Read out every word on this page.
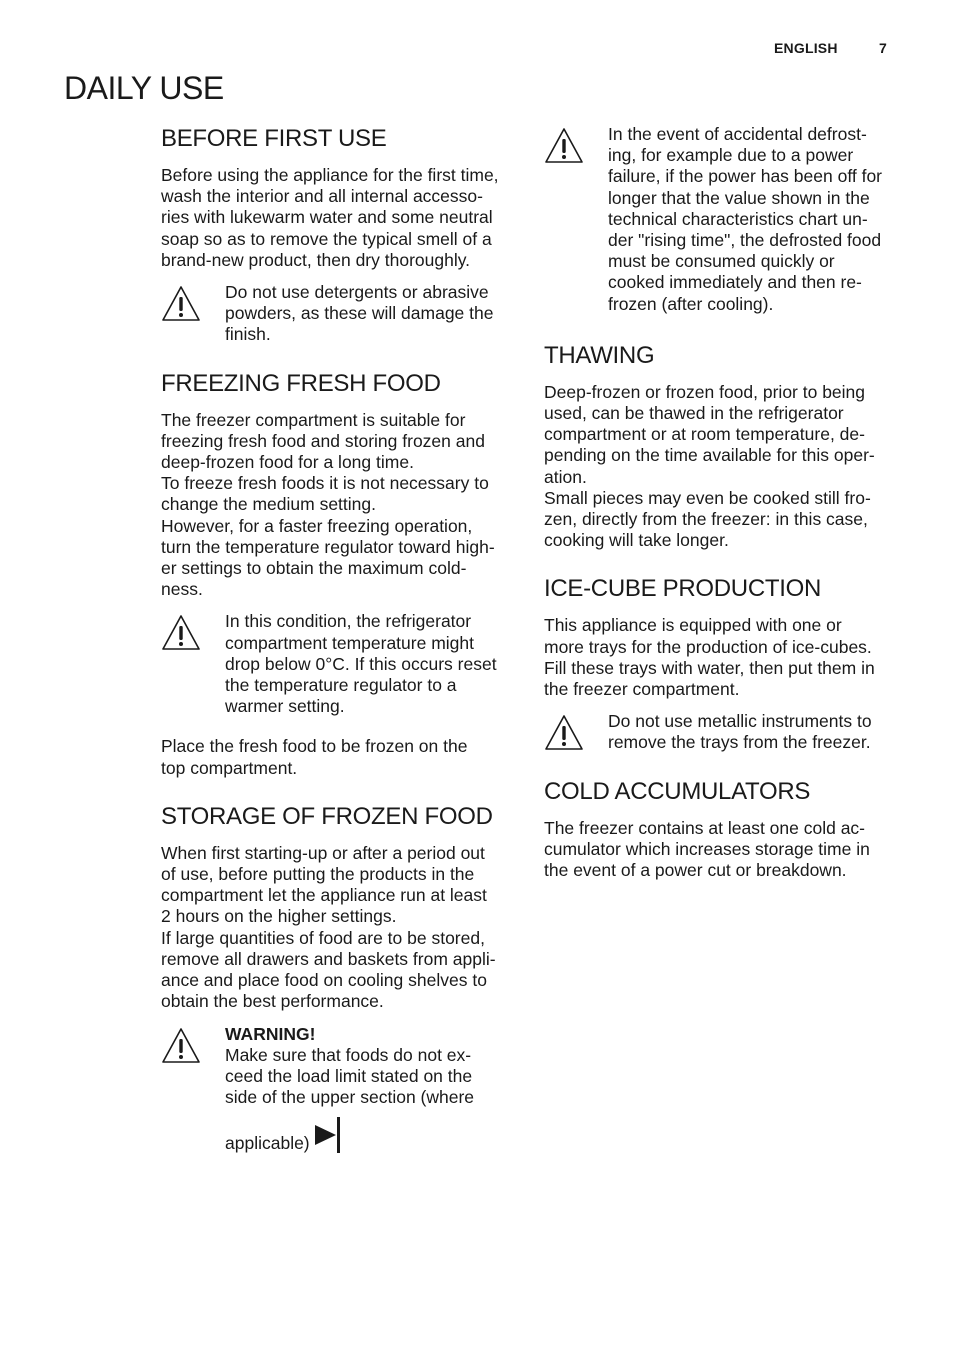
ENGLISH	7
DAILY USE
BEFORE FIRST USE

Before using the appliance for the first time,
wash the interior and all internal accesso-
ries with lukewarm water and some neutral
soap so as to remove the typical smell of a
brand-new product, then dry thoroughly.

Do not use detergents or abrasive
powders, as these will damage the
finish.
FREEZING FRESH FOOD

The freezer compartment is suitable for
freezing fresh food and storing frozen and
deep-frozen food for a long time.
To freeze fresh foods it is not necessary to
change the medium setting.
However, for a faster freezing operation,
turn the temperature regulator toward high-
er settings to obtain the maximum cold-
ness.

In this condition, the refrigerator
compartment temperature might
drop below 0°C. If this occurs reset
the temperature regulator to a
warmer setting.

Place the fresh food to be frozen on the
top compartment.

STORAGE OF FROZEN FOOD

When first starting-up or after a period out
of use, before putting the products in the
compartment let the appliance run at least
2 hours on the higher settings.
If large quantities of food are to be stored,
remove all drawers and baskets from appli-
ance and place food on cooling shelves to
obtain the best performance.

WARNING!
Make sure that foods do not ex-
ceed the load limit stated on the
side of the upper section (where
applicable)
In the event of accidental defrost-
ing, for example due to a power
failure, if the power has been off for
longer that the value shown in the
technical characteristics chart un-
der "rising time", the defrosted food
must be consumed quickly or
cooked immediately and then re-
frozen (after cooling).
THAWING

Deep-frozen or frozen food, prior to being
used, can be thawed in the refrigerator
compartment or at room temperature, de-
pending on the time available for this oper-
ation.
Small pieces may even be cooked still fro-
zen, directly from the freezer: in this case,
cooking will take longer.

ICE-CUBE PRODUCTION

This appliance is equipped with one or
more trays for the production of ice-cubes.
Fill these trays with water, then put them in
the freezer compartment.

Do not use metallic instruments to
remove the trays from the freezer.
COLD ACCUMULATORS

The freezer contains at least one cold ac-
cumulator which increases storage time in
the event of a power cut or breakdown.
